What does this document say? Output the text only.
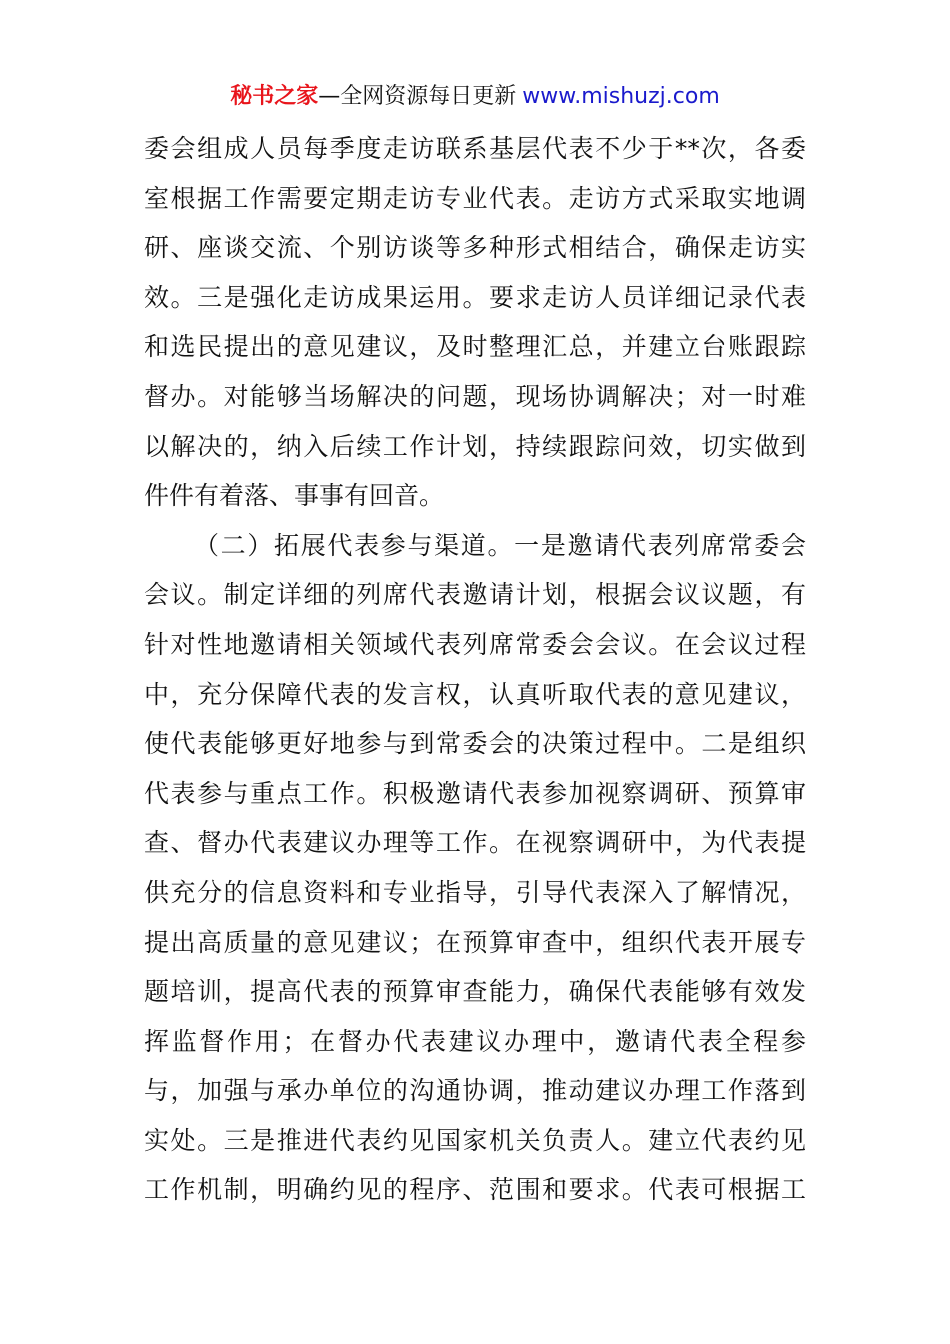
秘书之家—全网资源每日更新 www.mishuzj.com
委会组成人员每季度走访联系基层代表不少于**次，各委
室根据工作需要定期走访专业代表。走访方式采取实地调
研、座谈交流、个别访谈等多种形式相结合，确保走访实
效。三是强化走访成果运用。要求走访人员详细记录代表
和选民提出的意见建议，及时整理汇总，并建立台账跟踪
督办。对能够当场解决的问题，现场协调解决；对一时难
以解决的，纳入后续工作计划，持续跟踪问效，切实做到
件件有着落、事事有回音。
（二）拓展代表参与渠道。一是邀请代表列席常委会
会议。制定详细的列席代表邀请计划，根据会议议题，有
针对性地邀请相关领域代表列席常委会会议。在会议过程
中，充分保障代表的发言权，认真听取代表的意见建议，
使代表能够更好地参与到常委会的决策过程中。二是组织
代表参与重点工作。积极邀请代表参加视察调研、预算审
查、督办代表建议办理等工作。在视察调研中，为代表提
供充分的信息资料和专业指导，引导代表深入了解情况，
提出高质量的意见建议；在预算审查中，组织代表开展专
题培训，提高代表的预算审查能力，确保代表能够有效发
挥监督作用；在督办代表建议办理中，邀请代表全程参
与，加强与承办单位的沟通协调，推动建议办理工作落到
实处。三是推进代表约见国家机关负责人。建立代表约见
工作机制，明确约见的程序、范围和要求。代表可根据工
